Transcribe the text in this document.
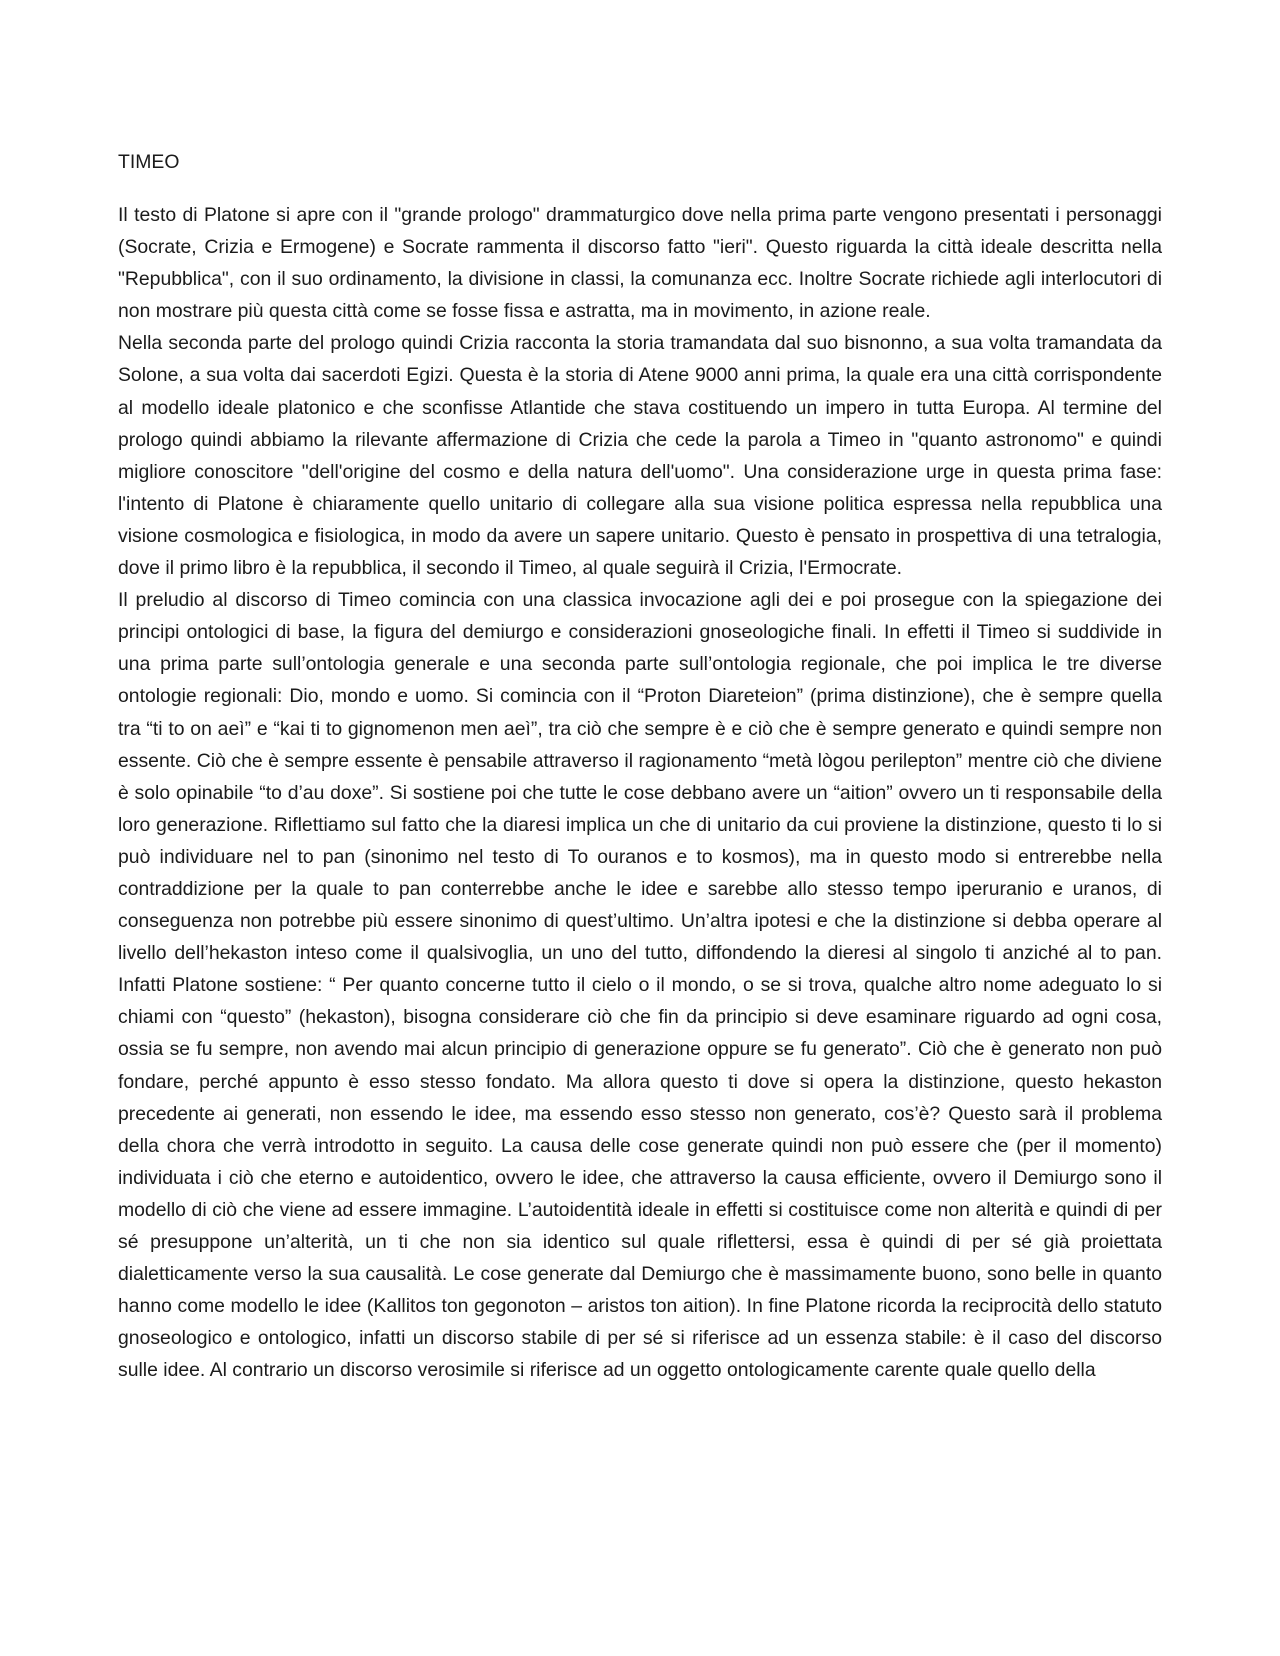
TIMEO

Il testo di Platone si apre con il "grande prologo" drammaturgico dove nella prima parte vengono presentati i personaggi (Socrate, Crizia e Ermogene) e Socrate rammenta il discorso fatto "ieri". Questo riguarda la città ideale descritta nella "Repubblica", con il suo ordinamento, la divisione in classi, la comunanza ecc. Inoltre Socrate richiede agli interlocutori di non mostrare più questa città come se fosse fissa e astratta, ma in movimento, in azione reale.

Nella seconda parte del prologo quindi Crizia racconta la storia tramandata dal suo bisnonno, a sua volta tramandata da Solone, a sua volta dai sacerdoti Egizi. Questa è la storia di Atene 9000 anni prima, la quale era una città corrispondente al modello ideale platonico e che sconfisse Atlantide che stava costituendo un impero in tutta Europa. Al termine del prologo quindi abbiamo la rilevante affermazione di Crizia che cede la parola a Timeo in "quanto astronomo" e quindi migliore conoscitore "dell'origine del cosmo e della natura dell'uomo". Una considerazione urge in questa prima fase: l'intento di Platone è chiaramente quello unitario di collegare alla sua visione politica espressa nella repubblica una visione cosmologica e fisiologica, in modo da avere un sapere unitario. Questo è pensato in prospettiva di una tetralogia, dove il primo libro è la repubblica, il secondo il Timeo, al quale seguirà il Crizia, l'Ermocrate.

Il preludio al discorso di Timeo comincia con una classica invocazione agli dei e poi prosegue con la spiegazione dei principi ontologici di base, la figura del demiurgo e considerazioni gnoseologiche finali. In effetti il Timeo si suddivide in una prima parte sull’ontologia generale e una seconda parte sull’ontologia regionale, che poi implica le tre diverse ontologie regionali: Dio, mondo e uomo. Si comincia con il “Proton Diareteion” (prima distinzione), che è sempre quella tra “ti to on aeì” e “kai ti to gignomenon men aeì”, tra ciò che sempre è e ciò che è sempre generato e quindi sempre non essente. Ciò che è sempre essente è pensabile attraverso il ragionamento “metà lògou perilepton” mentre ciò che diviene è solo opinabile “to d’au doxe”. Si sostiene poi che tutte le cose debbano avere un “aition” ovvero un ti responsabile della loro generazione. Riflettiamo sul fatto che la diaresi implica un che di unitario da cui proviene la distinzione, questo ti lo si può individuare nel to pan (sinonimo nel testo di To ouranos e to kosmos), ma in questo modo si entrerebbe nella contraddizione per la quale to pan conterrebbe anche le idee e sarebbe allo stesso tempo iperuranio e uranos, di conseguenza non potrebbe più essere sinonimo di quest’ultimo. Un’altra ipotesi e che la distinzione si debba operare al livello dell’hekaston inteso come il qualsivoglia, un uno del tutto, diffondendo la dieresi al singolo ti anziché al to pan. Infatti Platone sostiene: “ Per quanto concerne tutto il cielo o il mondo, o se si trova, qualche altro nome adeguato lo si chiami con “questo” (hekaston), bisogna considerare ciò che fin da principio si deve esaminare riguardo ad ogni cosa, ossia se fu sempre, non avendo mai alcun principio di generazione oppure se fu generato”. Ciò che è generato non può fondare, perché appunto è esso stesso fondato. Ma allora questo ti dove si opera la distinzione, questo hekaston precedente ai generati, non essendo le idee, ma essendo esso stesso non generato, cos’è? Questo sarà il problema della chora che verrà introdotto in seguito. La causa delle cose generate quindi non può essere che (per il momento) individuata i ciò che eterno e autoidentico, ovvero le idee, che attraverso la causa efficiente, ovvero il Demiurgo sono il modello di ciò che viene ad essere immagine. L’autoidentità ideale in effetti si costituisce come non alterità e quindi di per sé presuppone un’alterità, un ti che non sia identico sul quale riflettersi, essa è quindi di per sé già proiettata dialetticamente verso la sua causalità. Le cose generate dal Demiurgo che è massimamente buono, sono belle in quanto hanno come modello le idee (Kallitos ton gegonoton – aristos ton aition). In fine Platone ricorda la reciprocità dello statuto gnoseologico e ontologico, infatti un discorso stabile di per sé si riferisce ad un essenza stabile: è il caso del discorso sulle idee. Al contrario un discorso verosimile si riferisce ad un oggetto ontologicamente carente quale quello della
